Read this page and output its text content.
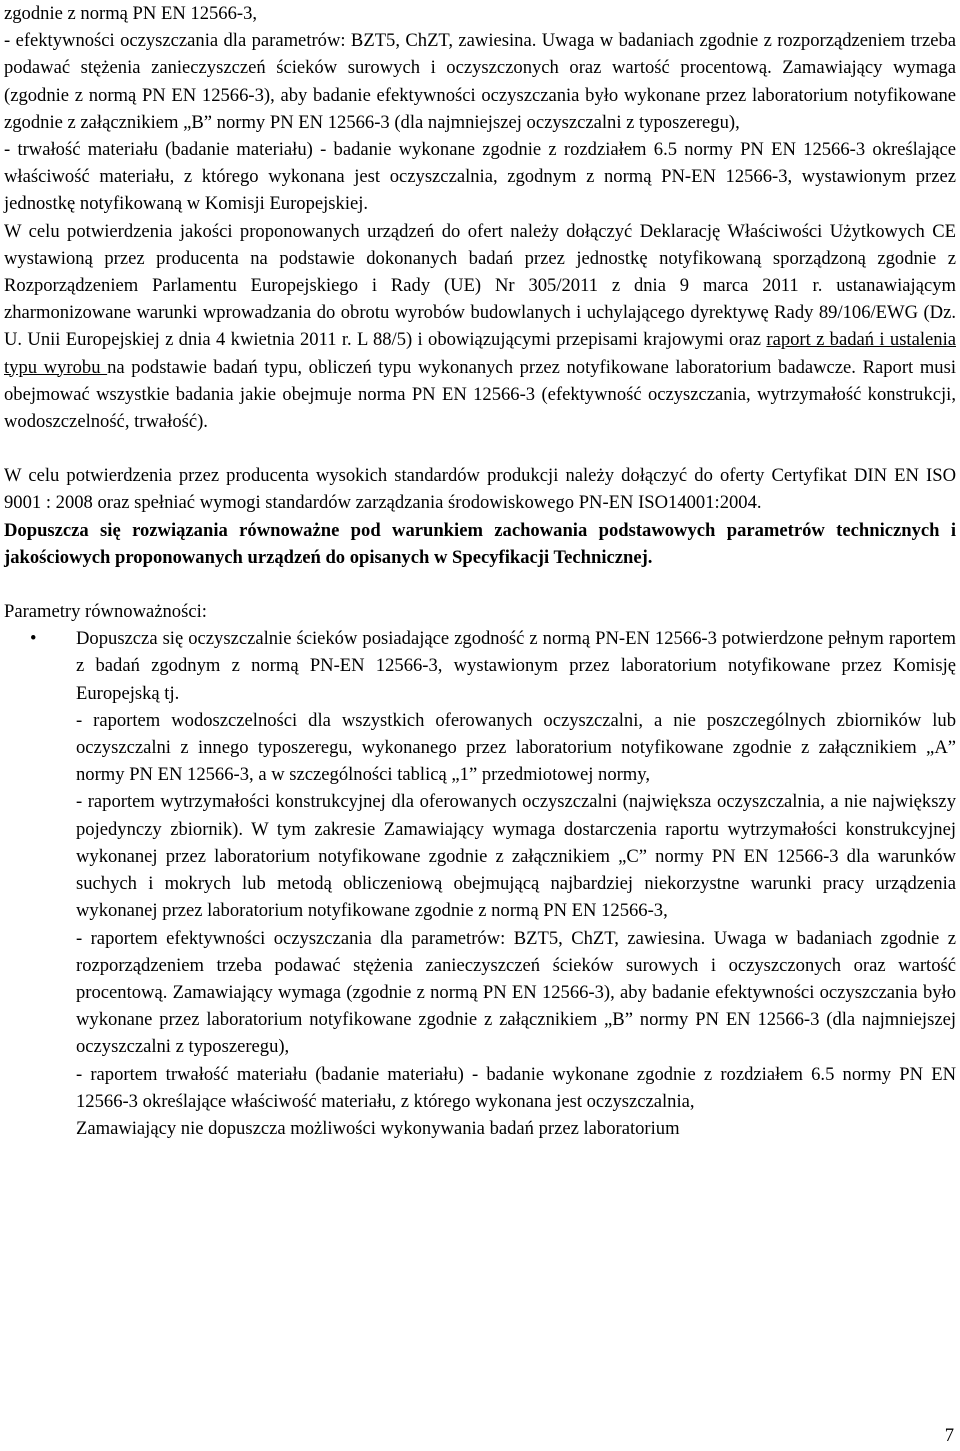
zgodnie z normą PN EN 12566-3,

- efektywności oczyszczania dla parametrów: BZT5, ChZT, zawiesina. Uwaga w badaniach zgodnie z rozporządzeniem trzeba podawać stężenia zanieczyszczeń ścieków surowych i oczyszczonych oraz wartość procentową. Zamawiający wymaga (zgodnie z normą PN EN 12566-3), aby badanie efektywności oczyszczania było wykonane przez laboratorium notyfikowane zgodnie z załącznikiem „B” normy PN EN 12566-3 (dla najmniejszej oczyszczalni z typoszeregu),

- trwałość materiału (badanie materiału) - badanie wykonane zgodnie z rozdziałem 6.5 normy PN EN 12566-3 określające właściwość materiału, z którego wykonana jest oczyszczalnia, zgodnym z normą PN-EN 12566-3, wystawionym przez jednostkę notyfikowaną w Komisji Europejskiej.

W celu potwierdzenia jakości proponowanych urządzeń do ofert należy dołączyć Deklarację Właściwości Użytkowych CE wystawioną przez producenta na podstawie dokonanych badań przez jednostkę notyfikowaną sporządzoną zgodnie z Rozporządzeniem Parlamentu Europejskiego i Rady (UE) Nr 305/2011 z dnia 9 marca 2011 r. ustanawiającym zharmonizowane warunki wprowadzania do obrotu wyrobów budowlanych i uchylającego dyrektywę Rady 89/106/EWG (Dz. U. Unii Europejskiej z dnia 4 kwietnia 2011 r. L 88/5) i obowiązującymi przepisami krajowymi oraz raport z badań i ustalenia typu wyrobu na podstawie badań typu, obliczeń typu wykonanych przez notyfikowane laboratorium badawcze. Raport musi obejmować wszystkie badania jakie obejmuje norma PN EN 12566-3 (efektywność oczyszczania, wytrzymałość konstrukcji, wodoszczelność, trwałość).

W celu potwierdzenia przez producenta wysokich standardów produkcji należy dołączyć do oferty Certyfikat DIN EN ISO 9001 : 2008 oraz spełniać wymogi standardów zarządzania środowiskowego PN-EN ISO14001:2004.

Dopuszcza się rozwiązania równoważne pod warunkiem zachowania podstawowych parametrów technicznych i jakościowych proponowanych urządzeń do opisanych w Specyfikacji Technicznej.

Parametry równoważności:

• Dopuszcza się oczyszczalnie ścieków posiadające zgodność z normą PN-EN 12566-3 potwierdzone pełnym raportem z badań zgodnym z normą PN-EN 12566-3, wystawionym przez laboratorium notyfikowane przez Komisję Europejską tj.

- raportem wodoszczelności dla wszystkich oferowanych oczyszczalni, a nie poszczególnych zbiorników lub oczyszczalni z innego typoszeregu, wykonanego przez laboratorium notyfikowane zgodnie z załącznikiem „A” normy PN EN 12566-3, a w szczególności tablicą „1” przedmiotowej normy,

- raportem wytrzymałości konstrukcyjnej dla oferowanych oczyszczalni (największa oczyszczalnia, a nie największy pojedynczy zbiornik). W tym zakresie Zamawiający wymaga dostarczenia raportu wytrzymałości konstrukcyjnej wykonanej przez laboratorium notyfikowane zgodnie z załącznikiem „C” normy PN EN 12566-3 dla warunków suchych i mokrych lub metodą obliczeniową obejmującą najbardziej niekorzystne warunki pracy urządzenia wykonanej przez laboratorium notyfikowane zgodnie z normą PN EN 12566-3,

- raportem efektywności oczyszczania dla parametrów: BZT5, ChZT, zawiesina. Uwaga w badaniach zgodnie z rozporządzeniem trzeba podawać stężenia zanieczyszczeń ścieków surowych i oczyszczonych oraz wartość procentową. Zamawiający wymaga (zgodnie z normą PN EN 12566-3), aby badanie efektywności oczyszczania było wykonane przez laboratorium notyfikowane zgodnie z załącznikiem „B” normy PN EN 12566-3 (dla najmniejszej oczyszczalni z typoszeregu),

- raportem trwałość materiału (badanie materiału) - badanie wykonane zgodnie z rozdziałem 6.5 normy PN EN 12566-3 określające właściwość materiału, z którego wykonana jest oczyszczalnia,

Zamawiający nie dopuszcza możliwości wykonywania badań przez laboratorium

7
